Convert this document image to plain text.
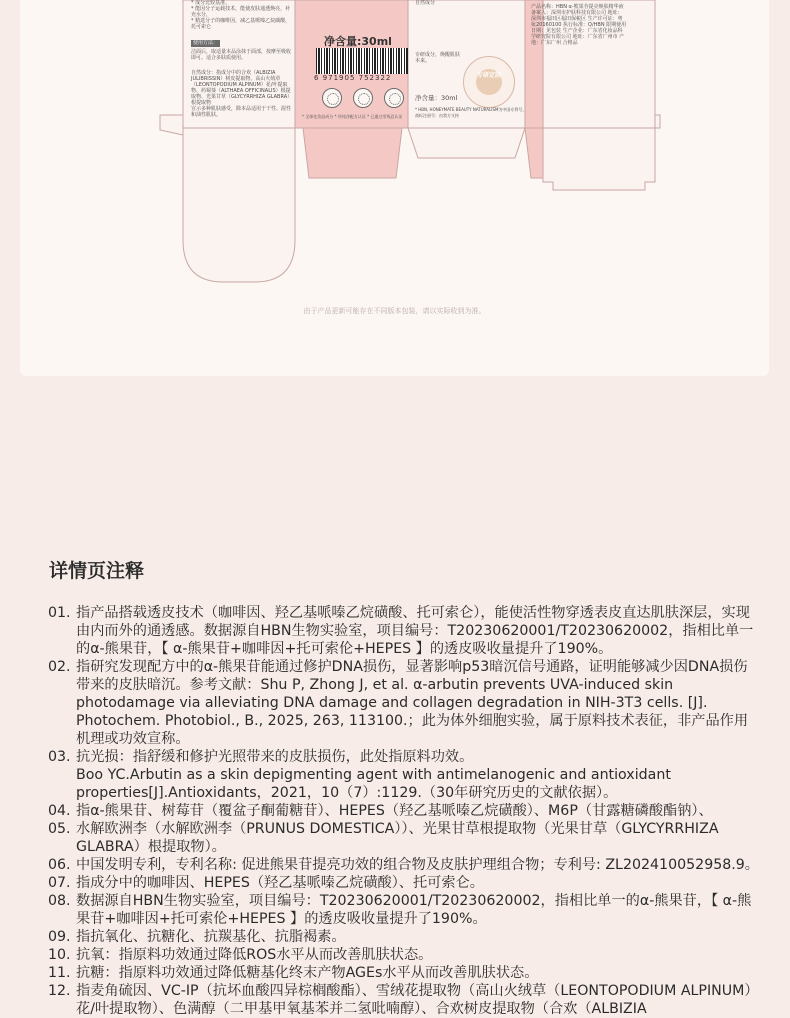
* 成分比较基准。
* 能因分子运载技术，能使皮肤通透焕亮，补充水分，
* 精选分子的咖啡因，减乙基哌嗪乙烷磺酸，托可索仑
使用方法：
洁面后，取适量本品涂抹于面部，按摩至吸收即可。适合多肤质使用。
自然成分：指成分中的合欢（ALBIZIA JULIBRISSIN）树皮提取物、高山火绒草（LEONTOPODIUM ALPINUM）花/叶提取物、药蜀葵（ALTHAEA OFFICINALIS）根提取物、光果甘草（GLYCYRRHIZA GLABRA）根提取物
宣示多种肌肤感受，除本品适用于干性、混性和油性肌肤。
净含量:30ml
6 971905 752322
* 全球化妆品成分 * 经纯净配方认证 * 已通过零残忍认证
自然成分
专研成分，焕醒肌肤本来。
专研定制
净含量：30ml
* HBN, HONEYMATE BEAUTY NATURALISM为中国专利号，商标注册号：由我方支持
产品名称：HBN α-熊果苷提亮焕肤精华液 备案人：深圳市护肤科技有限公司 地址：深圳市福田区福田保税区 生产许可证：粤妆20160100 执行标准：Q/HBN 限期使用日期：见包装 生产企业：广东省化妆品科学研究院有限公司 地址：广东省广州市 产地：广东广州 合格品
由于产品更新可能存在不同版本包装，请以实际收到为准。
详情页注释
01. 指产品搭载透皮技术（咖啡因、羟乙基哌嗪乙烷磺酸、托可索仑），能使活性物穿透表皮直达肌肤深层，实现由内而外的通透感。数据源自HBN生物实验室，项目编号：T20230620001/T20230620002，指相比单一的α-熊果苷，【 α-熊果苷+咖啡因+托可索伦+HEPES 】的透皮吸收量提升了190%。
02. 指研究发现配方中的α-熊果苷能通过修护DNA损伤，显著影响p53暗沉信号通路，证明能够减少因DNA损伤带来的皮肤暗沉。参考文献：Shu P, Zhong J, et al. α-arbutin prevents UVA-induced skin photodamage via alleviating DNA damage and collagen degradation in NIH-3T3 cells. [J]. Photochem. Photobiol., B., 2025, 263, 113100.；此为体外细胞实验，属于原料技术表征，非产品作用机理或功效宣称。
03. 抗光损：指舒缓和修护光照带来的皮肤损伤，此处指原料功效。
Boo YC.Arbutin as a skin depigmenting agent with antimelanogenic and antioxidant properties[J].Antioxidants，2021，10（7）:1129.（30年研究历史的文献依据）。
04. 指α-熊果苷、树莓苷（覆盆子酮葡糖苷）、HEPES（羟乙基哌嗪乙烷磺酸）、M6P（甘露糖磷酸酯钠）、
05. 水解欧洲李（水解欧洲李（PRUNUS DOMESTICA））、光果甘草根提取物（光果甘草（GLYCYRRHIZA GLABRA）根提取物）。
06. 中国发明专利，专利名称: 促进熊果苷提亮功效的组合物及皮肤护理组合物；专利号: ZL202410052958.9。
07. 指成分中的咖啡因、HEPES（羟乙基哌嗪乙烷磺酸）、托可索仑。
08. 数据源自HBN生物实验室，项目编号：T20230620001/T20230620002，指相比单一的α-熊果苷，【 α-熊果苷+咖啡因+托可索伦+HEPES 】的透皮吸收量提升了190%。
09. 指抗氧化、抗糖化、抗羰基化、抗脂褐素。
10. 抗氧：指原料功效通过降低ROS水平从而改善肌肤状态。
11. 抗糖：指原料功效通过降低糖基化终末产物AGEs水平从而改善肌肤状态。
12. 指麦角硫因、VC-IP（抗坏血酸四异棕榈酸酯）、雪绒花提取物（高山火绒草（LEONTOPODIUM ALPINUM）花/叶提取物）、色满醇（二甲基甲氧基苯并二氢吡喃醇）、合欢树皮提取物（合欢（ALBIZIA
